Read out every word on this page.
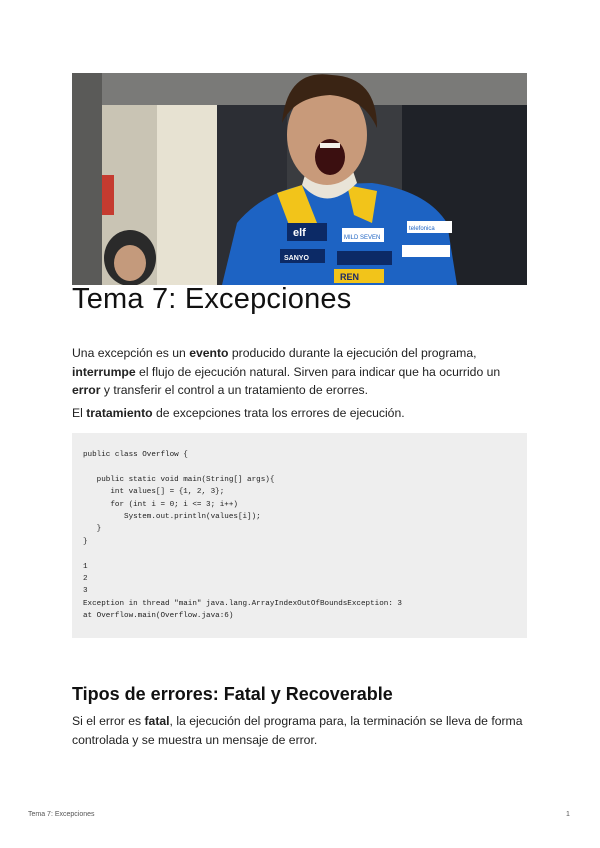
elf	MILD SEVEN
SANYO
telefonica
REN
Tema 7: Excepciones

Una excepción es un evento producido durante la ejecución del programa, interrumpe el flujo de ejecución natural. Sirven para indicar que ha ocurrido un error y transferir el control a un tratamiento de erorres.

El tratamiento de excepciones trata los errores de ejecución.

public class Overflow {

public static void main(String[] args){
int values[] = {1, 2, 3};
for (int i = 0; i <= 3; i++)
System.out.println(values[i]);
}
}

1
2
3
Exception in thread "main" java.lang.ArrayIndexOutOfBoundsException: 3
at Overflow.main(Overflow.java:6)
Tipos de errores: Fatal y Recoverable

Si el error es fatal, la ejecución del programa para, la terminación se lleva de forma controlada y se muestra un mensaje de error.

Tema 7: Excepciones	1
